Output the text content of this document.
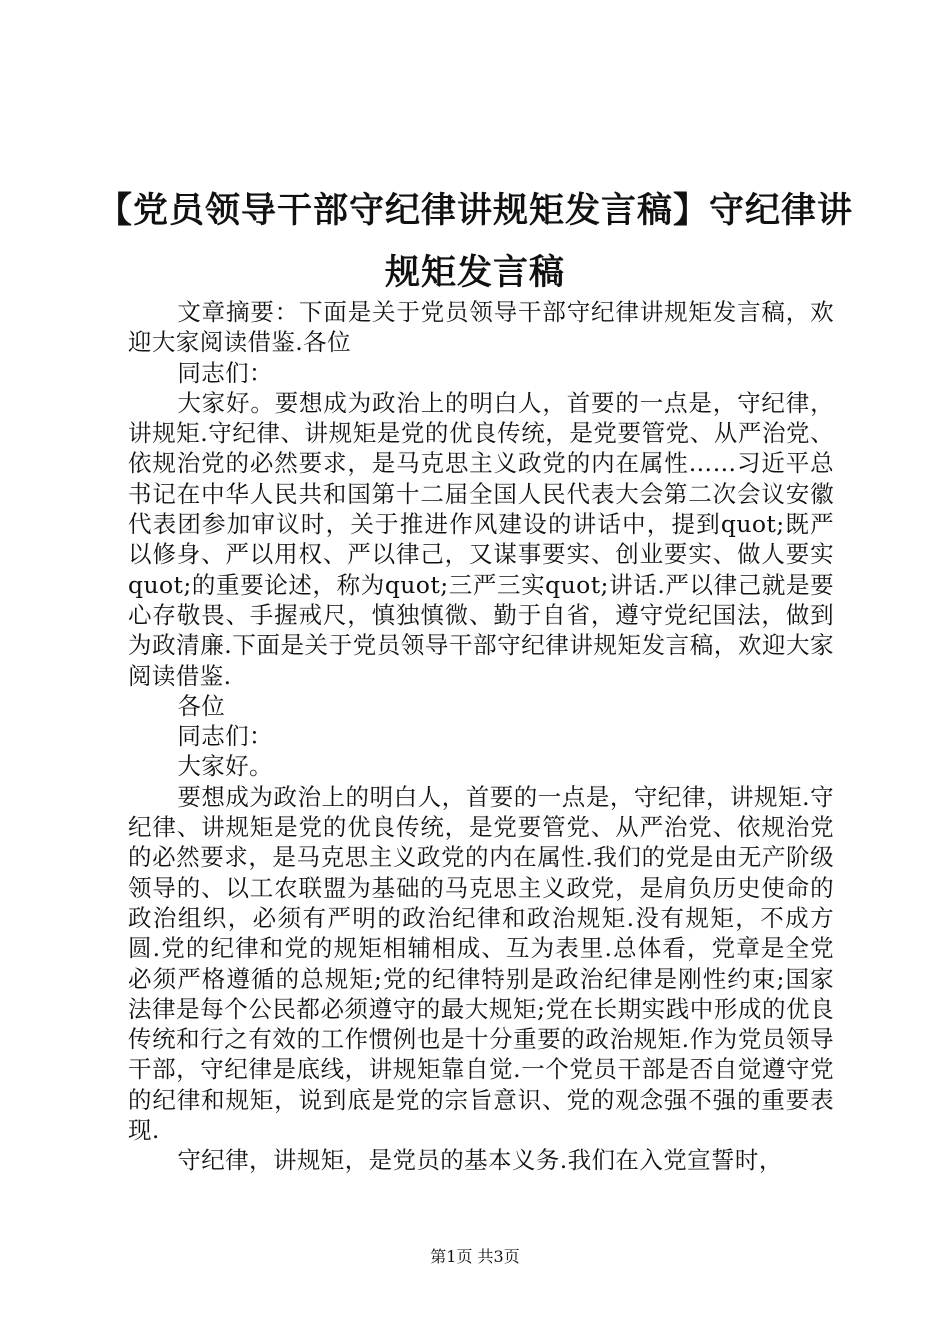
【党员领导干部守纪律讲规矩发言稿】守纪律讲规矩发言稿

文章摘要：下面是关于党员领导干部守纪律讲规矩发言稿，欢迎大家阅读借鉴.各位

同志们：

大家好。要想成为政治上的明白人，首要的一点是，守纪律，讲规矩.守纪律、讲规矩是党的优良传统，是党要管党、从严治党、依规治党的必然要求，是马克思主义政党的内在属性……习近平总书记在中华人民共和国第十二届全国人民代表大会第二次会议安徽代表团参加审议时，关于推进作风建设的讲话中，提到quot;既严以修身、严以用权、严以律己，又谋事要实、创业要实、做人要实quot;的重要论述，称为quot;三严三实quot;讲话.严以律己就是要心存敬畏、手握戒尺，慎独慎微、勤于自省，遵守党纪国法，做到为政清廉.下面是关于党员领导干部守纪律讲规矩发言稿，欢迎大家阅读借鉴.

各位

同志们：

大家好。

要想成为政治上的明白人，首要的一点是，守纪律，讲规矩.守纪律、讲规矩是党的优良传统，是党要管党、从严治党、依规治党的必然要求，是马克思主义政党的内在属性.我们的党是由无产阶级领导的、以工农联盟为基础的马克思主义政党，是肩负历史使命的政治组织，必须有严明的政治纪律和政治规矩.没有规矩，不成方圆.党的纪律和党的规矩相辅相成、互为表里.总体看，党章是全党必须严格遵循的总规矩;党的纪律特别是政治纪律是刚性约束;国家法律是每个公民都必须遵守的最大规矩;党在长期实践中形成的优良传统和行之有效的工作惯例也是十分重要的政治规矩.作为党员领导干部，守纪律是底线，讲规矩靠自觉.一个党员干部是否自觉遵守党的纪律和规矩，说到底是党的宗旨意识、党的观念强不强的重要表现.

守纪律，讲规矩，是党员的基本义务.我们在入党宣誓时，

第1页 共3页
